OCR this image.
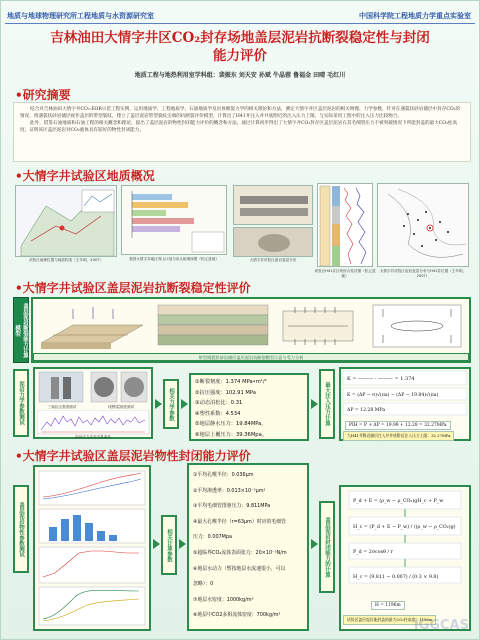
地质与地球物理研究所工程地质与水资源研究室	中国科学院工程地质力学重点实验室
吉林油田大情字井区CO₂封存场地盖层泥岩抗断裂稳定性与封闭
能力评价
地质工程与地热利用室学科组：裴振东 刘天安 孙斌 牛晶蓉 鲁福金 田晴 毛红川
•研究摘要

结合对吉林油田大情字井CO₂-EOR示范工程实例，运用地质学、工程地质学、石油地质学及岩体断裂力学的相关理论和方法，测定大情字井区盖层泥岩的相关物理、力学参数，针对在遇裂状砂岩储层中封存CO₂的情况，将遇裂状砂岩储层视作盖层的带型裂纹，建立了盖层泥岩带型裂纹尖端的抗断裂评价模型，计算出了H41井注入井井底附近的注入压力上限，与实际采用工程中的注入压力比较吻合。

此外，借鉴石油地质和石油工程的相关概念和理论，提出了盖层泥岩的物性封闭能力评价的概念和方法，通过计算初步得出了大情字井CO₂封存区盖层泥岩在其毛细管压力不被突破情况下所能封盖的最大CO₂柱高度，证明该区盖层泥岩对CO₂液体具有较好的物性封闭能力。

•大情字井试验区地质概况
试验区地理位置与地质构造（王年明，2007）	我国大情字井地区青山口组与泉头组埋深图（松辽盆地）	大情字井试验区泥岩盖层分布
试验区H41井区块综合柱状图（松辽盆地）
大情字井试验区泥岩盖层分布与H41井位置（王年明，2007）
•大情字井试验区盖层泥岩抗断裂稳定性评价
盖层泥岩断裂能力计算模型
带型遇裂状砂岩储层盖层泥岩抗断裂模型示意与受力分析
泥岩力学参数测试	三轴抗压强度测试	Ⅰ型断裂韧度测试
泥岩应力应变关系曲线
相关力学参数
①断裂韧度：1.374 MPa•m¹/²
②抗压强度：102.91 MPa
③动态泊松比：0.31
④塑性系数：4.534
⑤地层静水压力：19.84MPa。
⑥地层上覆压力：39.36Mpa。
最大注入压力计算
K = ——— · ——— = 1.374
K = (ΔP − σ)√(πa) − (ΔP − 19.84)√(πa)
ΔP = 12.28 MPa
PIH = P + ΔP = 19.99 + 12.28 = 32.27MPa
大H41井附近储层注入井井底附近注入压力上限：32.27MPa
•大情字井试验区盖层泥岩物性封闭能力评价
盖层泥岩物性参数测试	相关计算参数
①平均孔喉半径：0.036μm
②平均渗透率：0.013×10⁻³μm²
③平均毛细管排驱压力：9.811MPa
④最大孔喉半径（r=63μm）时应的毛细管
压力：0.007Mpa
⑤超临界CO₂流体表面张力：20×10⁻³N/m
⑥地层水动力（暂按地层水流速很小，可以
忽略）：0
⑦地层水密度：1000kg/m³
⑧地层中CO2多相流体密度：700kg/m³
盖层泥岩封闭能力的计算
P_d + E = (ρ_w − ρ_CO₂)gH_c + P_w
H_c = (P_d + E − P_w) / ((ρ_w − ρ_CO₂)g)
P_d = 2σcosθ / r
H_c = (9.811 − 0.007) / (0.3 × 9.8)
H = 1196m
试验区盖层泥岩能封盖的最大CO₂柱高度：1196m
IGGCAS
